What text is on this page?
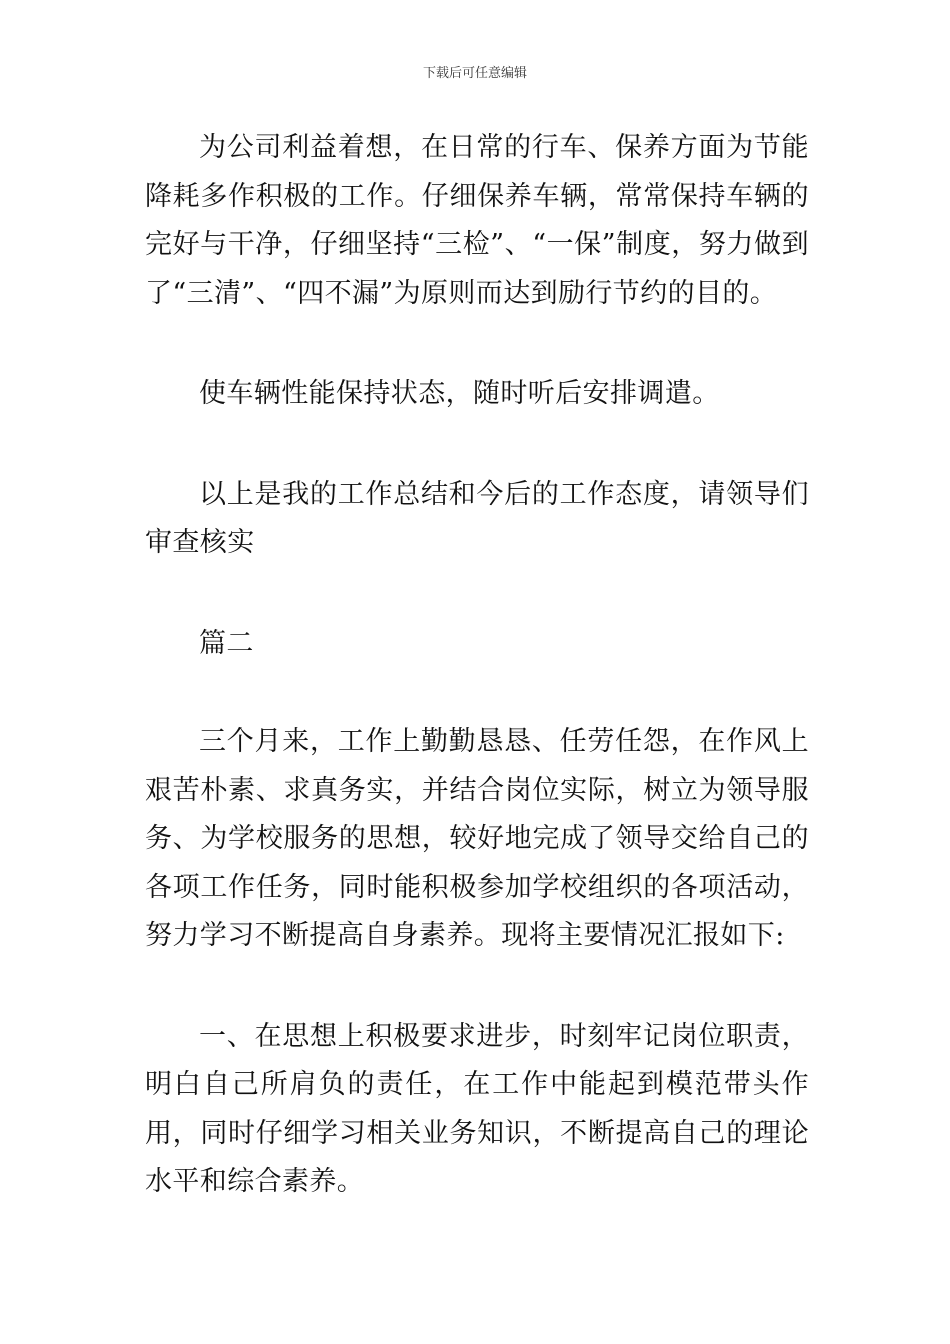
下载后可任意编辑

为公司利益着想，在日常的行车、保养方面为节能降耗多作积极的工作。仔细保养车辆，常常保持车辆的完好与干净，仔细坚持“三检”、“一保”制度，努力做到了“三清”、“四不漏”为原则而达到励行节约的目的。

使车辆性能保持状态，随时听后安排调遣。

以上是我的工作总结和今后的工作态度，请领导们审查核实

篇二

三个月来，工作上勤勤恳恳、任劳任怨，在作风上艰苦朴素、求真务实，并结合岗位实际，树立为领导服务、为学校服务的思想，较好地完成了领导交给自己的各项工作任务，同时能积极参加学校组织的各项活动，努力学习不断提高自身素养。现将主要情况汇报如下:

一、在思想上积极要求进步，时刻牢记岗位职责，明白自己所肩负的责任，在工作中能起到模范带头作用，同时仔细学习相关业务知识，不断提高自己的理论水平和综合素养。
